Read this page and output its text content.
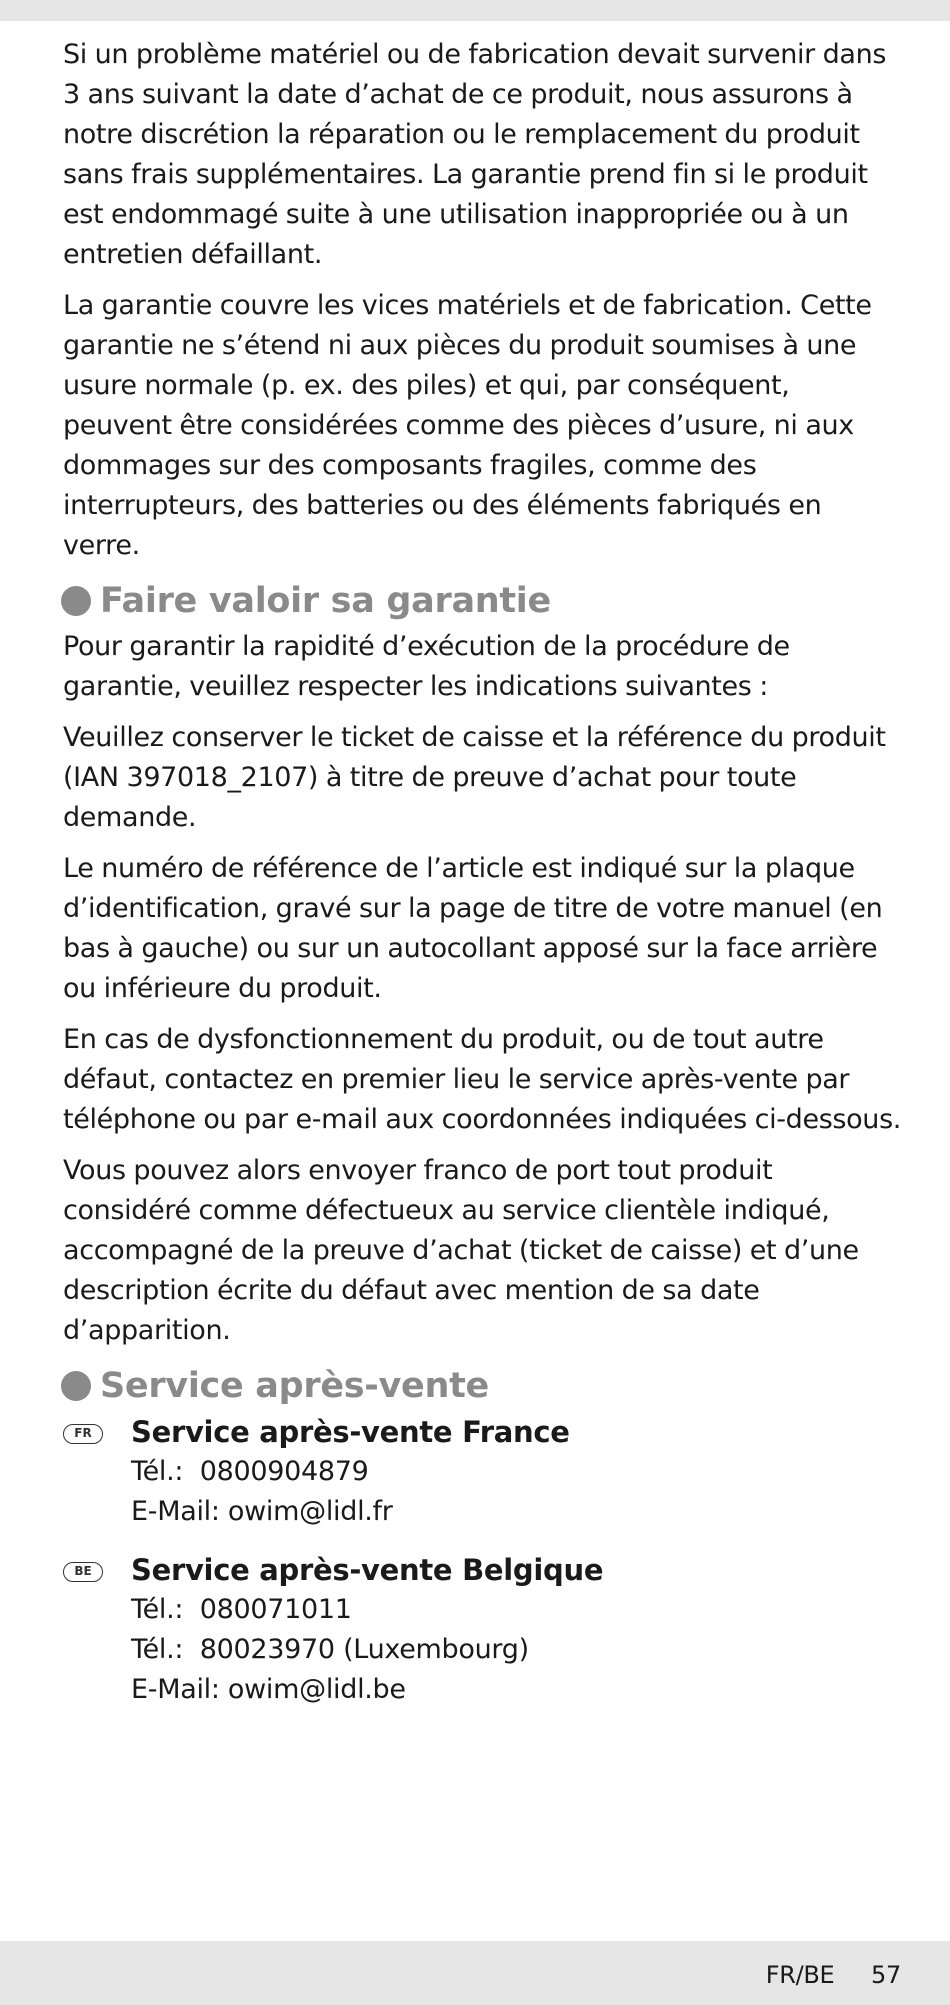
Si un problème matériel ou de fabrication devait survenir dans 3 ans suivant la date d’achat de ce produit, nous assurons à notre discrétion la réparation ou le remplacement du produit sans frais supplémentaires. La garantie prend fin si le produit est endommagé suite à une utilisation inappropriée ou à un entretien défaillant.

La garantie couvre les vices matériels et de fabrication. Cette garantie ne s’étend ni aux pièces du produit soumises à une usure normale (p. ex. des piles) et qui, par conséquent, peuvent être considérées comme des pièces d’usure, ni aux dommages sur des composants fragiles, comme des interrupteurs, des batteries ou des éléments fabriqués en verre.

Faire valoir sa garantie

Pour garantir la rapidité d’exécution de la procédure de garantie, veuillez respecter les indications suivantes :

Veuillez conserver le ticket de caisse et la référence du produit (IAN 397018_2107) à titre de preuve d’achat pour toute demande.

Le numéro de référence de l’article est indiqué sur la plaque d’identification, gravé sur la page de titre de votre manuel (en bas à gauche) ou sur un autocollant apposé sur la face arrière ou inférieure du produit.

En cas de dysfonctionnement du produit, ou de tout autre défaut, contactez en premier lieu le service après-vente par téléphone ou par e-mail aux coordonnées indiquées ci-dessous.

Vous pouvez alors envoyer franco de port tout produit considéré comme défectueux au service clientèle indiqué, accompagné de la preuve d’achat (ticket de caisse) et d’une description écrite du défaut avec mention de sa date d’apparition.

Service après-vente
FR	Service après-vente France
Tél.:  0800904879
E-Mail: owim@lidl.fr
BE	Service après-vente Belgique
Tél.:  080071011
Tél.:  80023970 (Luxembourg)
E-Mail: owim@lidl.be
FR/BE     57
